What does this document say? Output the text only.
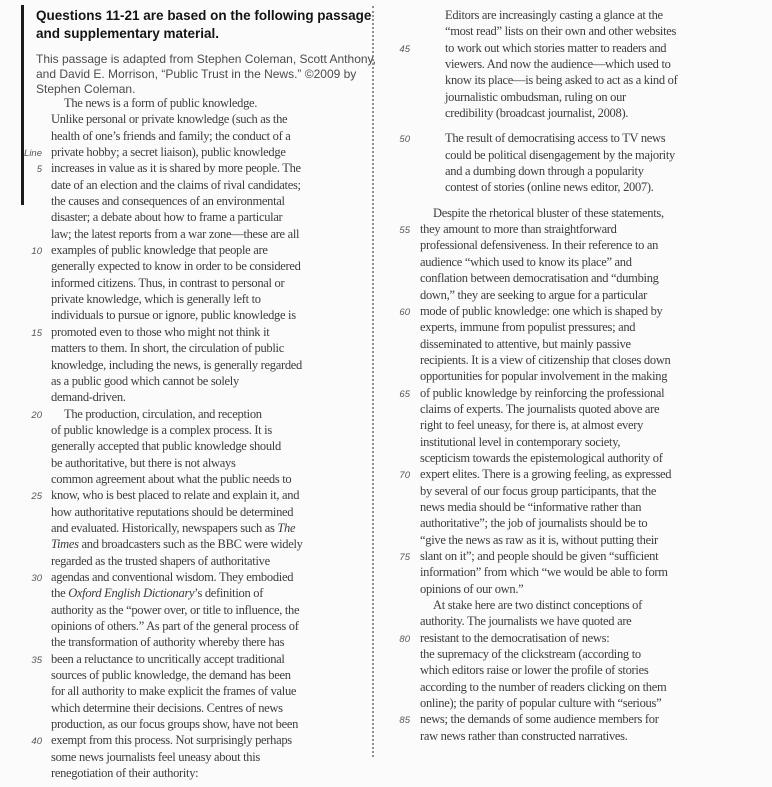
Questions 11-21 are based on the following passage and supplementary material.

This passage is adapted from Stephen Coleman, Scott Anthony, and David E. Morrison, “Public Trust in the News.” ©2009 by Stephen Coleman.
The news is a form of public knowledge.
Unlike personal or private knowledge (such as the
health of one’s friends and family; the conduct of a
Line private hobby; a secret liaison), public knowledge
5 increases in value as it is shared by more people. The
date of an election and the claims of rival candidates;
the causes and consequences of an environmental
disaster; a debate about how to frame a particular
law; the latest reports from a war zone—these are all
10 examples of public knowledge that people are
generally expected to know in order to be considered
informed citizens. Thus, in contrast to personal or
private knowledge, which is generally left to
individuals to pursue or ignore, public knowledge is
15 promoted even to those who might not think it
matters to them. In short, the circulation of public
knowledge, including the news, is generally regarded
as a public good which cannot be solely
demand-driven.
20	The production, circulation, and reception
of public knowledge is a complex process. It is
generally accepted that public knowledge should
be authoritative, but there is not always
common agreement about what the public needs to
25 know, who is best placed to relate and explain it, and
how authoritative reputations should be determined
and evaluated. Historically, newspapers such as The
Times and broadcasters such as the BBC were widely
regarded as the trusted shapers of authoritative
30 agendas and conventional wisdom. They embodied
the Oxford English Dictionary’s definition of
authority as the “power over, or title to influence, the
opinions of others.” As part of the general process of
the transformation of authority whereby there has
35 been a reluctance to uncritically accept traditional
sources of public knowledge, the demand has been
for all authority to make explicit the frames of value
which determine their decisions. Centres of news
production, as our focus groups show, have not been
40 exempt from this process. Not surprisingly perhaps
some news journalists feel uneasy about this
renegotiation of their authority:
Editors are increasingly casting a glance at the
“most read” lists on their own and other websites
45	to work out which stories matter to readers and
viewers. And now the audience—which used to
know its place—is being asked to act as a kind of
journalistic ombudsman, ruling on our
credibility (broadcast journalist, 2008).
50	The result of democratising access to TV news
could be political disengagement by the majority
and a dumbing down through a popularity
contest of stories (online news editor, 2007).
Despite the rhetorical bluster of these statements,
55 they amount to more than straightforward
professional defensiveness. In their reference to an
audience “which used to know its place” and
conflation between democratisation and “dumbing
down,” they are seeking to argue for a particular
60 mode of public knowledge: one which is shaped by
experts, immune from populist pressures; and
disseminated to attentive, but mainly passive
recipients. It is a view of citizenship that closes down
opportunities for popular involvement in the making
65 of public knowledge by reinforcing the professional
claims of experts. The journalists quoted above are
right to feel uneasy, for there is, at almost every
institutional level in contemporary society,
scepticism towards the epistemological authority of
70 expert elites. There is a growing feeling, as expressed
by several of our focus group participants, that the
news media should be “informative rather than
authoritative”; the job of journalists should be to
“give the news as raw as it is, without putting their
75 slant on it”; and people should be given “sufficient
information” from which “we would be able to form
opinions of our own.”
At stake here are two distinct conceptions of
authority. The journalists we have quoted are
80 resistant to the democratisation of news:
the supremacy of the clickstream (according to
which editors raise or lower the profile of stories
according to the number of readers clicking on them
online); the parity of popular culture with “serious”
85 news; the demands of some audience members for
raw news rather than constructed narratives.
